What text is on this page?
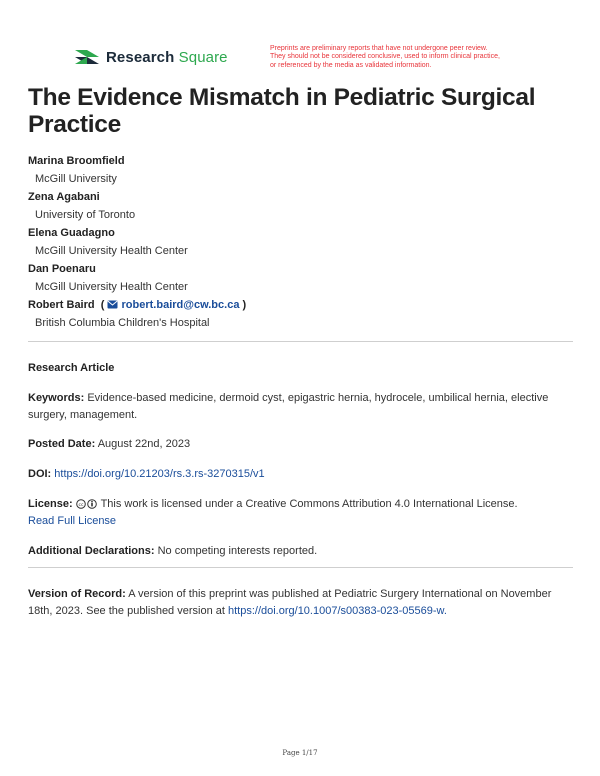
Research Square	Preprints are preliminary reports that have not undergone peer review.
They should not be considered conclusive, used to inform clinical practice,
or referenced by the media as validated information.
The Evidence Mismatch in Pediatric Surgical Practice
Marina Broomfield
McGill University
Zena Agabani
University of Toronto
Elena Guadagno
McGill University Health Center
Dan Poenaru
McGill University Health Center
Robert Baird  (  robert.baird@cw.bc.ca )
British Columbia Children's Hospital
Research Article
Keywords: Evidence-based medicine, dermoid cyst, epigastric hernia, hydrocele, umbilical hernia, elective surgery, management.
Posted Date: August 22nd, 2023
DOI: https://doi.org/10.21203/rs.3.rs-3270315/v1
License: cc This work is licensed under a Creative Commons Attribution 4.0 International License.
Read Full License
Additional Declarations: No competing interests reported.
Version of Record: A version of this preprint was published at Pediatric Surgery International on November 18th, 2023. See the published version at https://doi.org/10.1007/s00383-023-05569-w.
Page 1/17
